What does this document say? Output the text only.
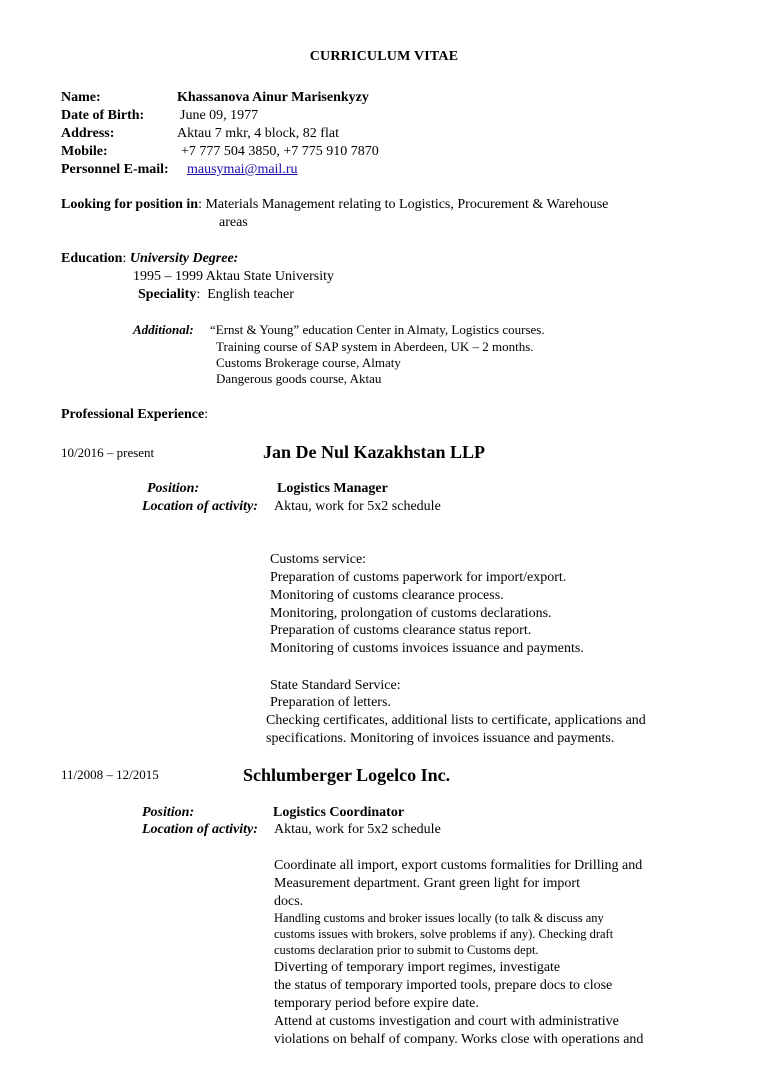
CURRICULUM VITAE
Name:	Khassanova Ainur Marisenkyzy
Date of Birth:	June 09, 1977
Address:	Aktau 7 mkr, 4 block, 82 flat
Mobile:	+7 777 504 3850, +7 775 910 7870
Personnel E-mail: mausymai@mail.ru
Looking for position in: Materials Management relating to Logistics, Procurement & Warehouse
areas
Education: University Degree:
1995 – 1999 Aktau State University
Speciality:  English teacher
Additional: “Ernst & Young” education Center in Almaty, Logistics courses.
Training course of SAP system in Aberdeen, UK – 2 months.
Customs Brokerage course, Almaty
Dangerous goods course, Aktau
Professional Experience:
10/2016 – present	Jan De Nul Kazakhstan LLP
Position:	Logistics Manager
Location of activity: Aktau, work for 5x2 schedule
Customs service:
Preparation of customs paperwork for import/export.
Monitoring of customs clearance process.
Monitoring, prolongation of customs declarations.
Preparation of customs clearance status report.
Monitoring of customs invoices issuance and payments.
State Standard Service:
Preparation of letters.
Checking certificates, additional lists to certificate, applications and
specifications. Monitoring of invoices issuance and payments.
11/2008 – 12/2015	Schlumberger Logelco Inc.
Position:	Logistics Coordinator
Location of activity: Aktau, work for 5x2 schedule
Coordinate all import, export customs formalities for Drilling and
Measurement department. Grant green light for import
docs.
Handling customs and broker issues locally (to talk & discuss any
customs issues with brokers, solve problems if any). Checking draft
customs declaration prior to submit to Customs dept.
Diverting of temporary import regimes, investigate
the status of temporary imported tools, prepare docs to close
temporary period before expire date.
Attend at customs investigation and court with administrative
violations on behalf of company. Works close with operations and
